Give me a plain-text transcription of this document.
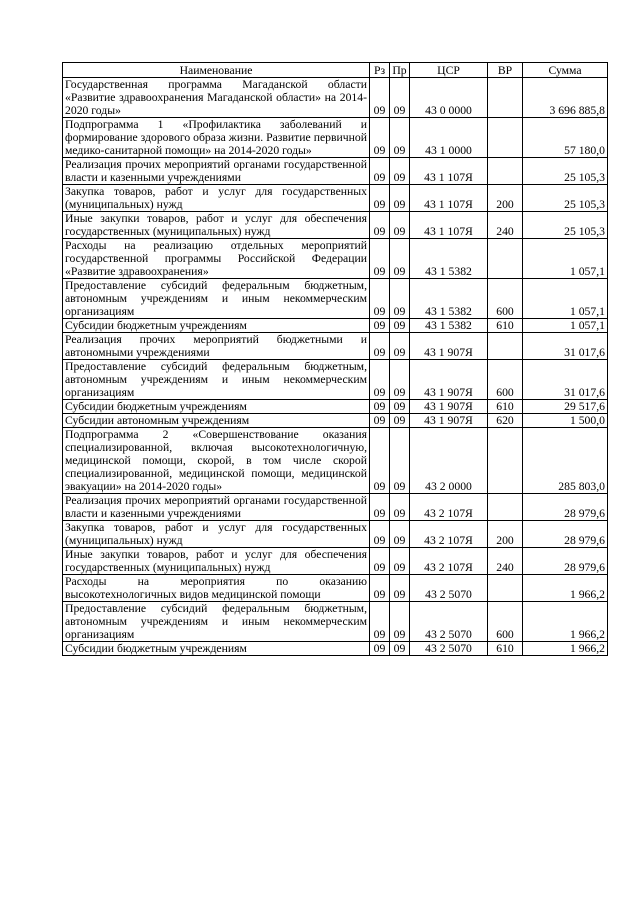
Наименование	Рз	Пр	ЦСР	ВР	Сумма
Государственная программа Магаданской области «Развитие здравоохранения Магаданской области» на 2014-2020 годы»	09	09	43 0 0000		3 696 885,8
Подпрограмма 1 «Профилактика заболеваний и формирование здорового образа жизни. Развитие первичной медико-санитарной помощи» на 2014-2020 годы»	09	09	43 1 0000		57 180,0
Реализация прочих мероприятий органами государственной власти и казенными учреждениями	09	09	43 1 107Я		25 105,3
Закупка товаров, работ и услуг для государственных (муниципальных) нужд	09	09	43 1 107Я	200	25 105,3
Иные закупки товаров, работ и услуг для обеспечения государственных (муниципальных) нужд	09	09	43 1 107Я	240	25 105,3
Расходы на реализацию отдельных мероприятий государственной программы Российской Федерации «Развитие здравоохранения»	09	09	43 1 5382		1 057,1
Предоставление субсидий федеральным бюджетным, автономным учреждениям и иным некоммерческим организациям	09	09	43 1 5382	600	1 057,1
Субсидии бюджетным учреждениям	09	09	43 1 5382	610	1 057,1
Реализация прочих мероприятий бюджетными и автономными учреждениями	09	09	43 1 907Я		31 017,6
Предоставление субсидий федеральным бюджетным, автономным учреждениям и иным некоммерческим организациям	09	09	43 1 907Я	600	31 017,6
Субсидии бюджетным учреждениям	09	09	43 1 907Я	610	29 517,6
Субсидии автономным учреждениям	09	09	43 1 907Я	620	1 500,0
Подпрограмма 2 «Совершенствование оказания специализированной, включая высокотехнологичную, медицинской помощи, скорой, в том числе скорой специализированной, медицинской помощи, медицинской эвакуации» на 2014-2020 годы»	09	09	43 2 0000		285 803,0
Реализация прочих мероприятий органами государственной власти и казенными учреждениями	09	09	43 2 107Я		28 979,6
Закупка товаров, работ и услуг для государственных (муниципальных) нужд	09	09	43 2 107Я	200	28 979,6
Иные закупки товаров, работ и услуг для обеспечения государственных (муниципальных) нужд	09	09	43 2 107Я	240	28 979,6
Расходы на мероприятия по оказанию высокотехнологичных видов медицинской помощи	09	09	43 2 5070		1 966,2
Предоставление субсидий федеральным бюджетным, автономным учреждениям и иным некоммерческим организациям	09	09	43 2 5070	600	1 966,2
Субсидии бюджетным учреждениям	09	09	43 2 5070	610	1 966,2
